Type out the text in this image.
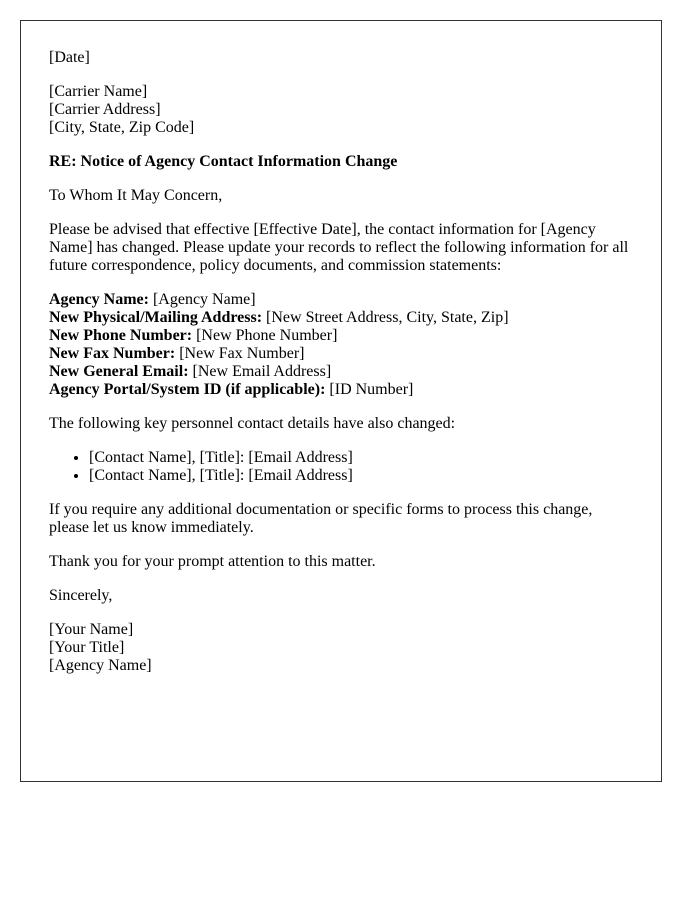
[Date]

[Carrier Name]
[Carrier Address]
[City, State, Zip Code]

RE: Notice of Agency Contact Information Change

To Whom It May Concern,

Please be advised that effective [Effective Date], the contact information for [Agency Name] has changed. Please update your records to reflect the following information for all future correspondence, policy documents, and commission statements:

Agency Name: [Agency Name]
New Physical/Mailing Address: [New Street Address, City, State, Zip]
New Phone Number: [New Phone Number]
New Fax Number: [New Fax Number]
New General Email: [New Email Address]
Agency Portal/System ID (if applicable): [ID Number]

The following key personnel contact details have also changed:

• [Contact Name], [Title]: [Email Address]
• [Contact Name], [Title]: [Email Address]

If you require any additional documentation or specific forms to process this change, please let us know immediately.

Thank you for your prompt attention to this matter.

Sincerely,

[Your Name]
[Your Title]
[Agency Name]
